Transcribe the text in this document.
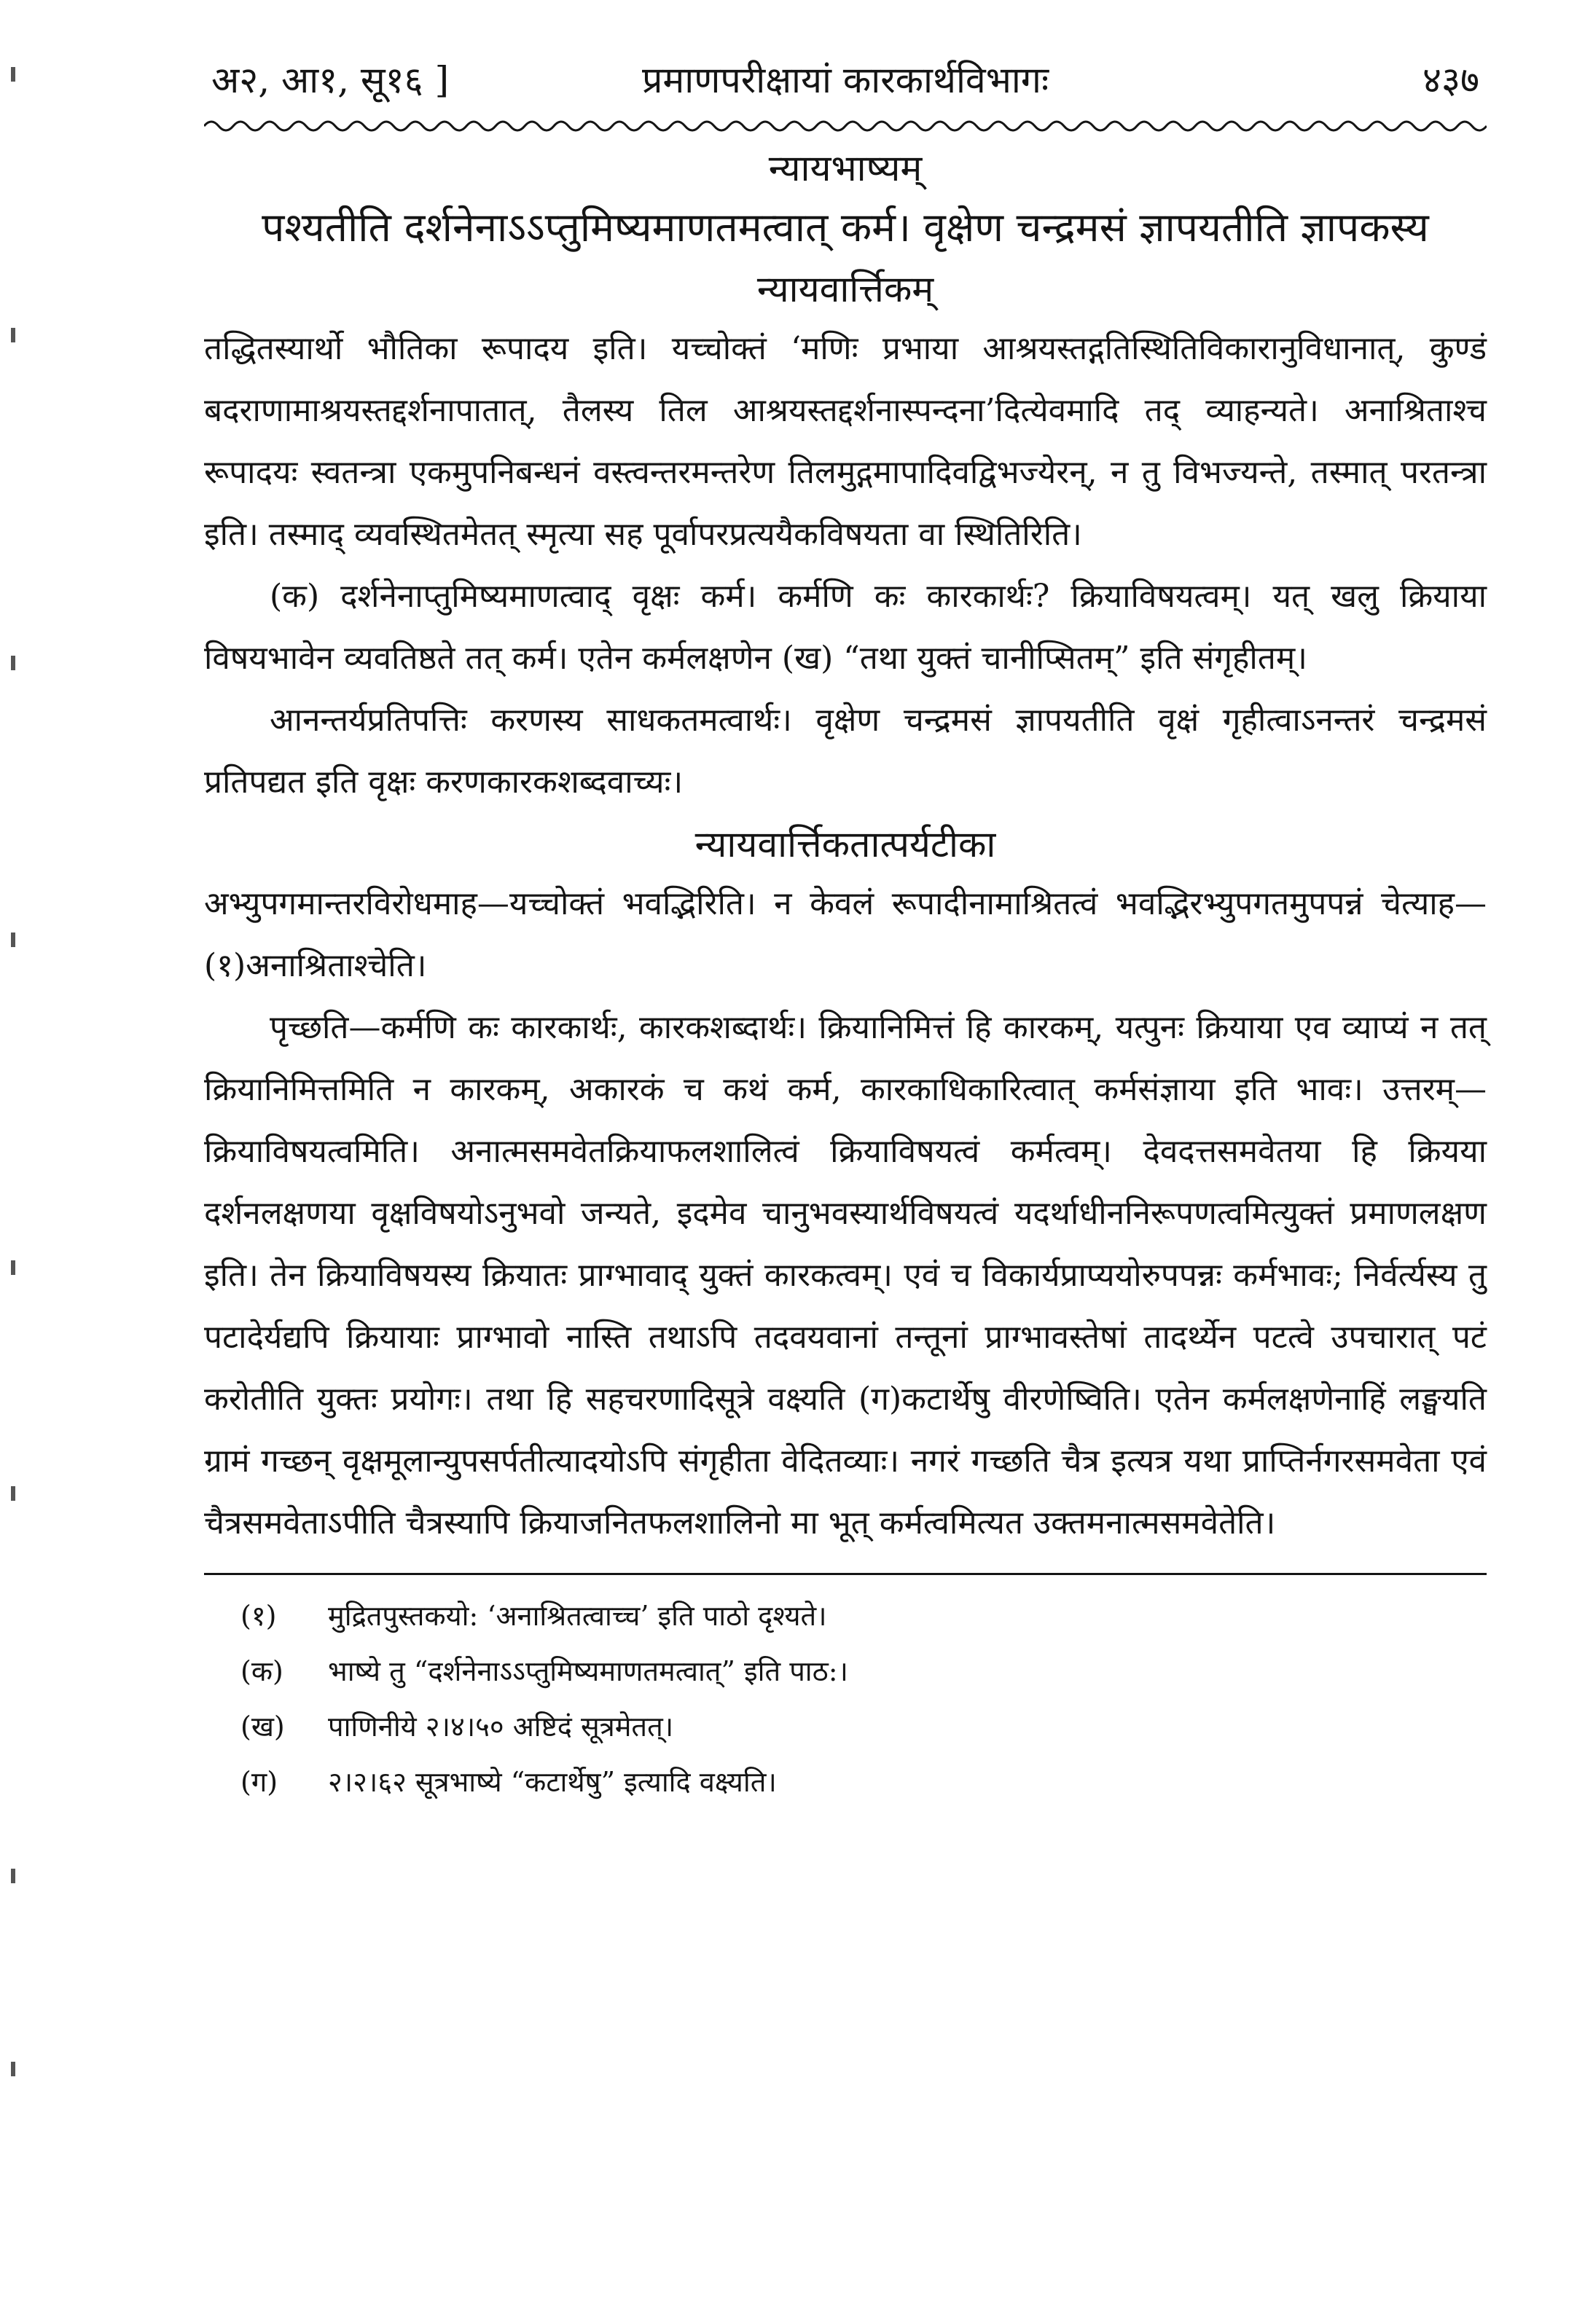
अ२, आ१, सू१६ ]	प्रमाणपरीक्षायां कारकार्थविभागः	४३७
न्यायभाष्यम्
पश्यतीति दर्शनेनाऽऽप्तुमिष्यमाणतमत्वात् कर्म। वृक्षेण चन्द्रमसं ज्ञापयतीति ज्ञापकस्य
न्यायवार्त्तिकम्
तद्धितस्यार्थो भौतिका रूपादय इति। यच्चोक्तं ‘मणिः प्रभाया आश्रयस्तद्गतिस्थितिविकारानुविधानात्, कुण्डं बदराणामाश्रयस्तद्दर्शनापातात्, तैलस्य तिल आश्रयस्तद्दर्शनास्पन्दना’दित्येवमादि तद् व्याहन्यते। अनाश्रिताश्च रूपादयः स्वतन्त्रा एकमुपनिबन्धनं वस्त्वन्तरमन्तरेण तिलमुद्गमापादिवद्विभज्येरन्, न तु विभज्यन्ते, तस्मात् परतन्त्रा इति। तस्माद् व्यवस्थितमेतत् स्मृत्या सह पूर्वापरप्रत्ययैकविषयता वा स्थितिरिति।
(क) दर्शनेनाप्तुमिष्यमाणत्वाद् वृक्षः कर्म। कर्मणि कः कारकार्थः? क्रियाविषयत्वम्। यत् खलु क्रियाया विषयभावेन व्यवतिष्ठते तत् कर्म। एतेन कर्मलक्षणेन (ख) “तथा युक्तं चानीप्सितम्” इति संगृहीतम्।
आनन्तर्यप्रतिपत्तिः करणस्य साधकतमत्वार्थः। वृक्षेण चन्द्रमसं ज्ञापयतीति वृक्षं गृहीत्वाऽनन्तरं चन्द्रमसं प्रतिपद्यत इति वृक्षः करणकारकशब्दवाच्यः।
न्यायवार्त्तिकतात्पर्यटीका
अभ्युपगमान्तरविरोधमाह—यच्चोक्तं भवद्भिरिति। न केवलं रूपादीनामाश्रितत्वं भवद्भिरभ्युपगतमुपपन्नं चेत्याह—(१)अनाश्रिताश्चेति।
पृच्छति—कर्मणि कः कारकार्थः, कारकशब्दार्थः। क्रियानिमित्तं हि कारकम्, यत्पुनः क्रियाया एव व्याप्यं न तत् क्रियानिमित्तमिति न कारकम्, अकारकं च कथं कर्म, कारकाधिकारित्वात् कर्मसंज्ञाया इति भावः। उत्तरम्—क्रियाविषयत्वमिति। अनात्मसमवेतक्रियाफलशालित्वं क्रियाविषयत्वं कर्मत्वम्। देवदत्तसमवेतया हि क्रियया दर्शनलक्षणया वृक्षविषयोऽनुभवो जन्यते, इदमेव चानुभवस्यार्थविषयत्वं यदर्थाधीननिरूपणत्वमित्युक्तं प्रमाणलक्षण इति। तेन क्रियाविषयस्य क्रियातः प्राग्भावाद् युक्तं कारकत्वम्। एवं च विकार्यप्राप्ययोरुपपन्नः कर्मभावः; निर्वर्त्यस्य तु पटादेर्यद्यपि क्रियायाः प्राग्भावो नास्ति तथाऽपि तदवयवानां तन्तूनां प्राग्भावस्तेषां तादर्थ्येन पटत्वे उपचारात् पटं करोतीति युक्तः प्रयोगः। तथा हि सहचरणादिसूत्रे वक्ष्यति (ग)कटार्थेषु वीरणेष्विति। एतेन कर्मलक्षणेनाहिं लङ्घयति ग्रामं गच्छन् वृक्षमूलान्युपसर्पतीत्यादयोऽपि संगृहीता वेदितव्याः। नगरं गच्छति चैत्र इत्यत्र यथा प्राप्तिर्नगरसमवेता एवं चैत्रसमवेताऽपीति चैत्रस्यापि क्रियाजनितफलशालिनो मा भूत् कर्मत्वमित्यत उक्तमनात्मसमवेतेति।
(१) मुद्रितपुस्तकयो: ‘अनाश्रितत्वाच्च’ इति पाठो दृश्यते।
(क) भाष्ये तु “दर्शनेनाऽऽप्तुमिष्यमाणतमत्वात्” इति पाठ:।
(ख) पाणिनीये २।४।५० अष्टिदं सूत्रमेतत्।
(ग) २।२।६२ सूत्रभाष्ये “कटार्थेषु” इत्यादि वक्ष्यति।
